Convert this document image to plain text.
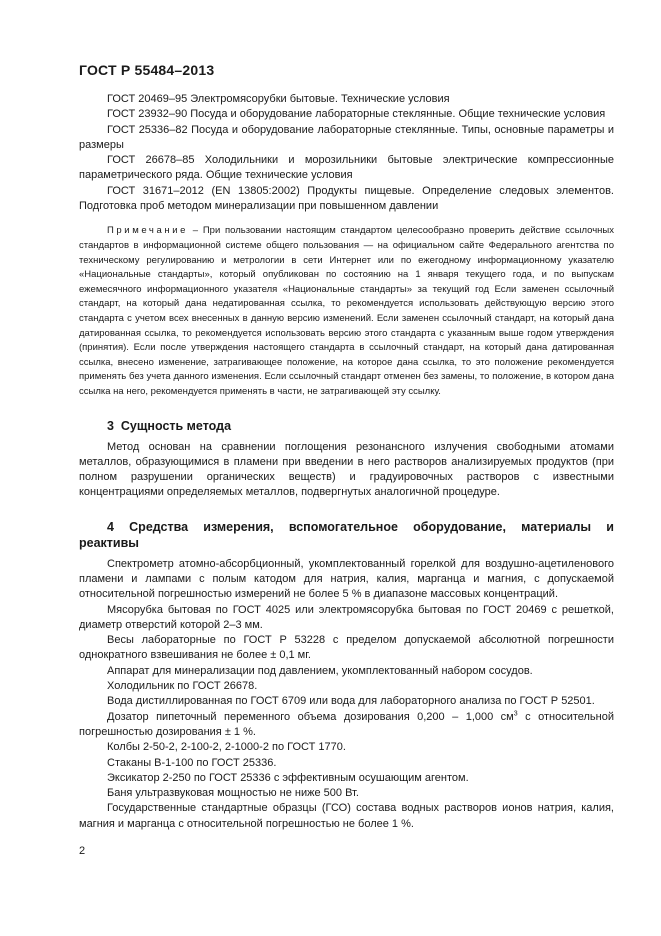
ГОСТ Р 55484–2013

ГОСТ 20469–95 Электромясорубки бытовые. Технические условия

ГОСТ 23932–90 Посуда и оборудование лабораторные стеклянные. Общие технические условия

ГОСТ 25336–82 Посуда и оборудование лабораторные стеклянные. Типы, основные параметры и размеры

ГОСТ 26678–85 Холодильники и морозильники бытовые электрические компрессионные параметрического ряда. Общие технические условия

ГОСТ 31671–2012 (EN 13805:2002) Продукты пищевые. Определение следовых элементов. Подготовка проб методом минерализации при повышенном давлении

Примечание – При пользовании настоящим стандартом целесообразно проверить действие ссылочных стандартов в информационной системе общего пользования — на официальном сайте Федерального агентства по техническому регулированию и метрологии в сети Интернет или по ежегодному информационному указателю «Национальные стандарты», который опубликован по состоянию на 1 января текущего года, и по выпускам ежемесячного информационного указателя «Национальные стандарты» за текущий год Если заменен ссылочный стандарт, на который дана недатированная ссылка, то рекомендуется использовать действующую версию этого стандарта с учетом всех внесенных в данную версию изменений. Если заменен ссылочный стандарт, на который дана датированная ссылка, то рекомендуется использовать версию этого стандарта с указанным выше годом утверждения (принятия). Если после утверждения настоящего стандарта в ссылочный стандарт, на который дана датированная ссылка, внесено изменение, затрагивающее положение, на которое дана ссылка, то это положение рекомендуется применять без учета данного изменения. Если ссылочный стандарт отменен без замены, то положение, в котором дана ссылка на него, рекомендуется применять в части, не затрагивающей эту ссылку.

3 Сущность метода

Метод основан на сравнении поглощения резонансного излучения свободными атомами металлов, образующимися в пламени при введении в него растворов анализируемых продуктов (при полном разрушении органических веществ) и градуировочных растворов с известными концентрациями определяемых металлов, подвергнутых аналогичной процедуре.

4 Средства измерения, вспомогательное оборудование, материалы и реактивы

Спектрометр атомно-абсорбционный, укомплектованный горелкой для воздушно-ацетиленового пламени и лампами с полым катодом для натрия, калия, марганца и магния, с допускаемой относительной погрешностью измерений не более 5 % в диапазоне массовых концентраций.

Мясорубка бытовая по ГОСТ 4025 или электромясорубка бытовая по ГОСТ 20469 с решеткой, диаметр отверстий которой 2–3 мм.

Весы лабораторные по ГОСТ Р 53228 с пределом допускаемой абсолютной погрешности однократного взвешивания не более ± 0,1 мг.

Аппарат для минерализации под давлением, укомплектованный набором сосудов.

Холодильник по ГОСТ 26678.

Вода дистиллированная по ГОСТ 6709 или вода для лабораторного анализа по ГОСТ Р 52501.

Дозатор пипеточный переменного объема дозирования 0,200 – 1,000 $см^3$ с относительной погрешностью дозирования ± 1 %.

Колбы 2-50-2, 2-100-2, 2-1000-2 по ГОСТ 1770.

Стаканы В-1-100 по ГОСТ 25336.

Эксикатор 2-250 по ГОСТ 25336 с эффективным осушающим агентом.

Баня ультразвуковая мощностью не ниже 500 Вт.

Государственные стандартные образцы (ГСО) состава водных растворов ионов натрия, калия, магния и марганца с относительной погрешностью не более 1 %.

2
